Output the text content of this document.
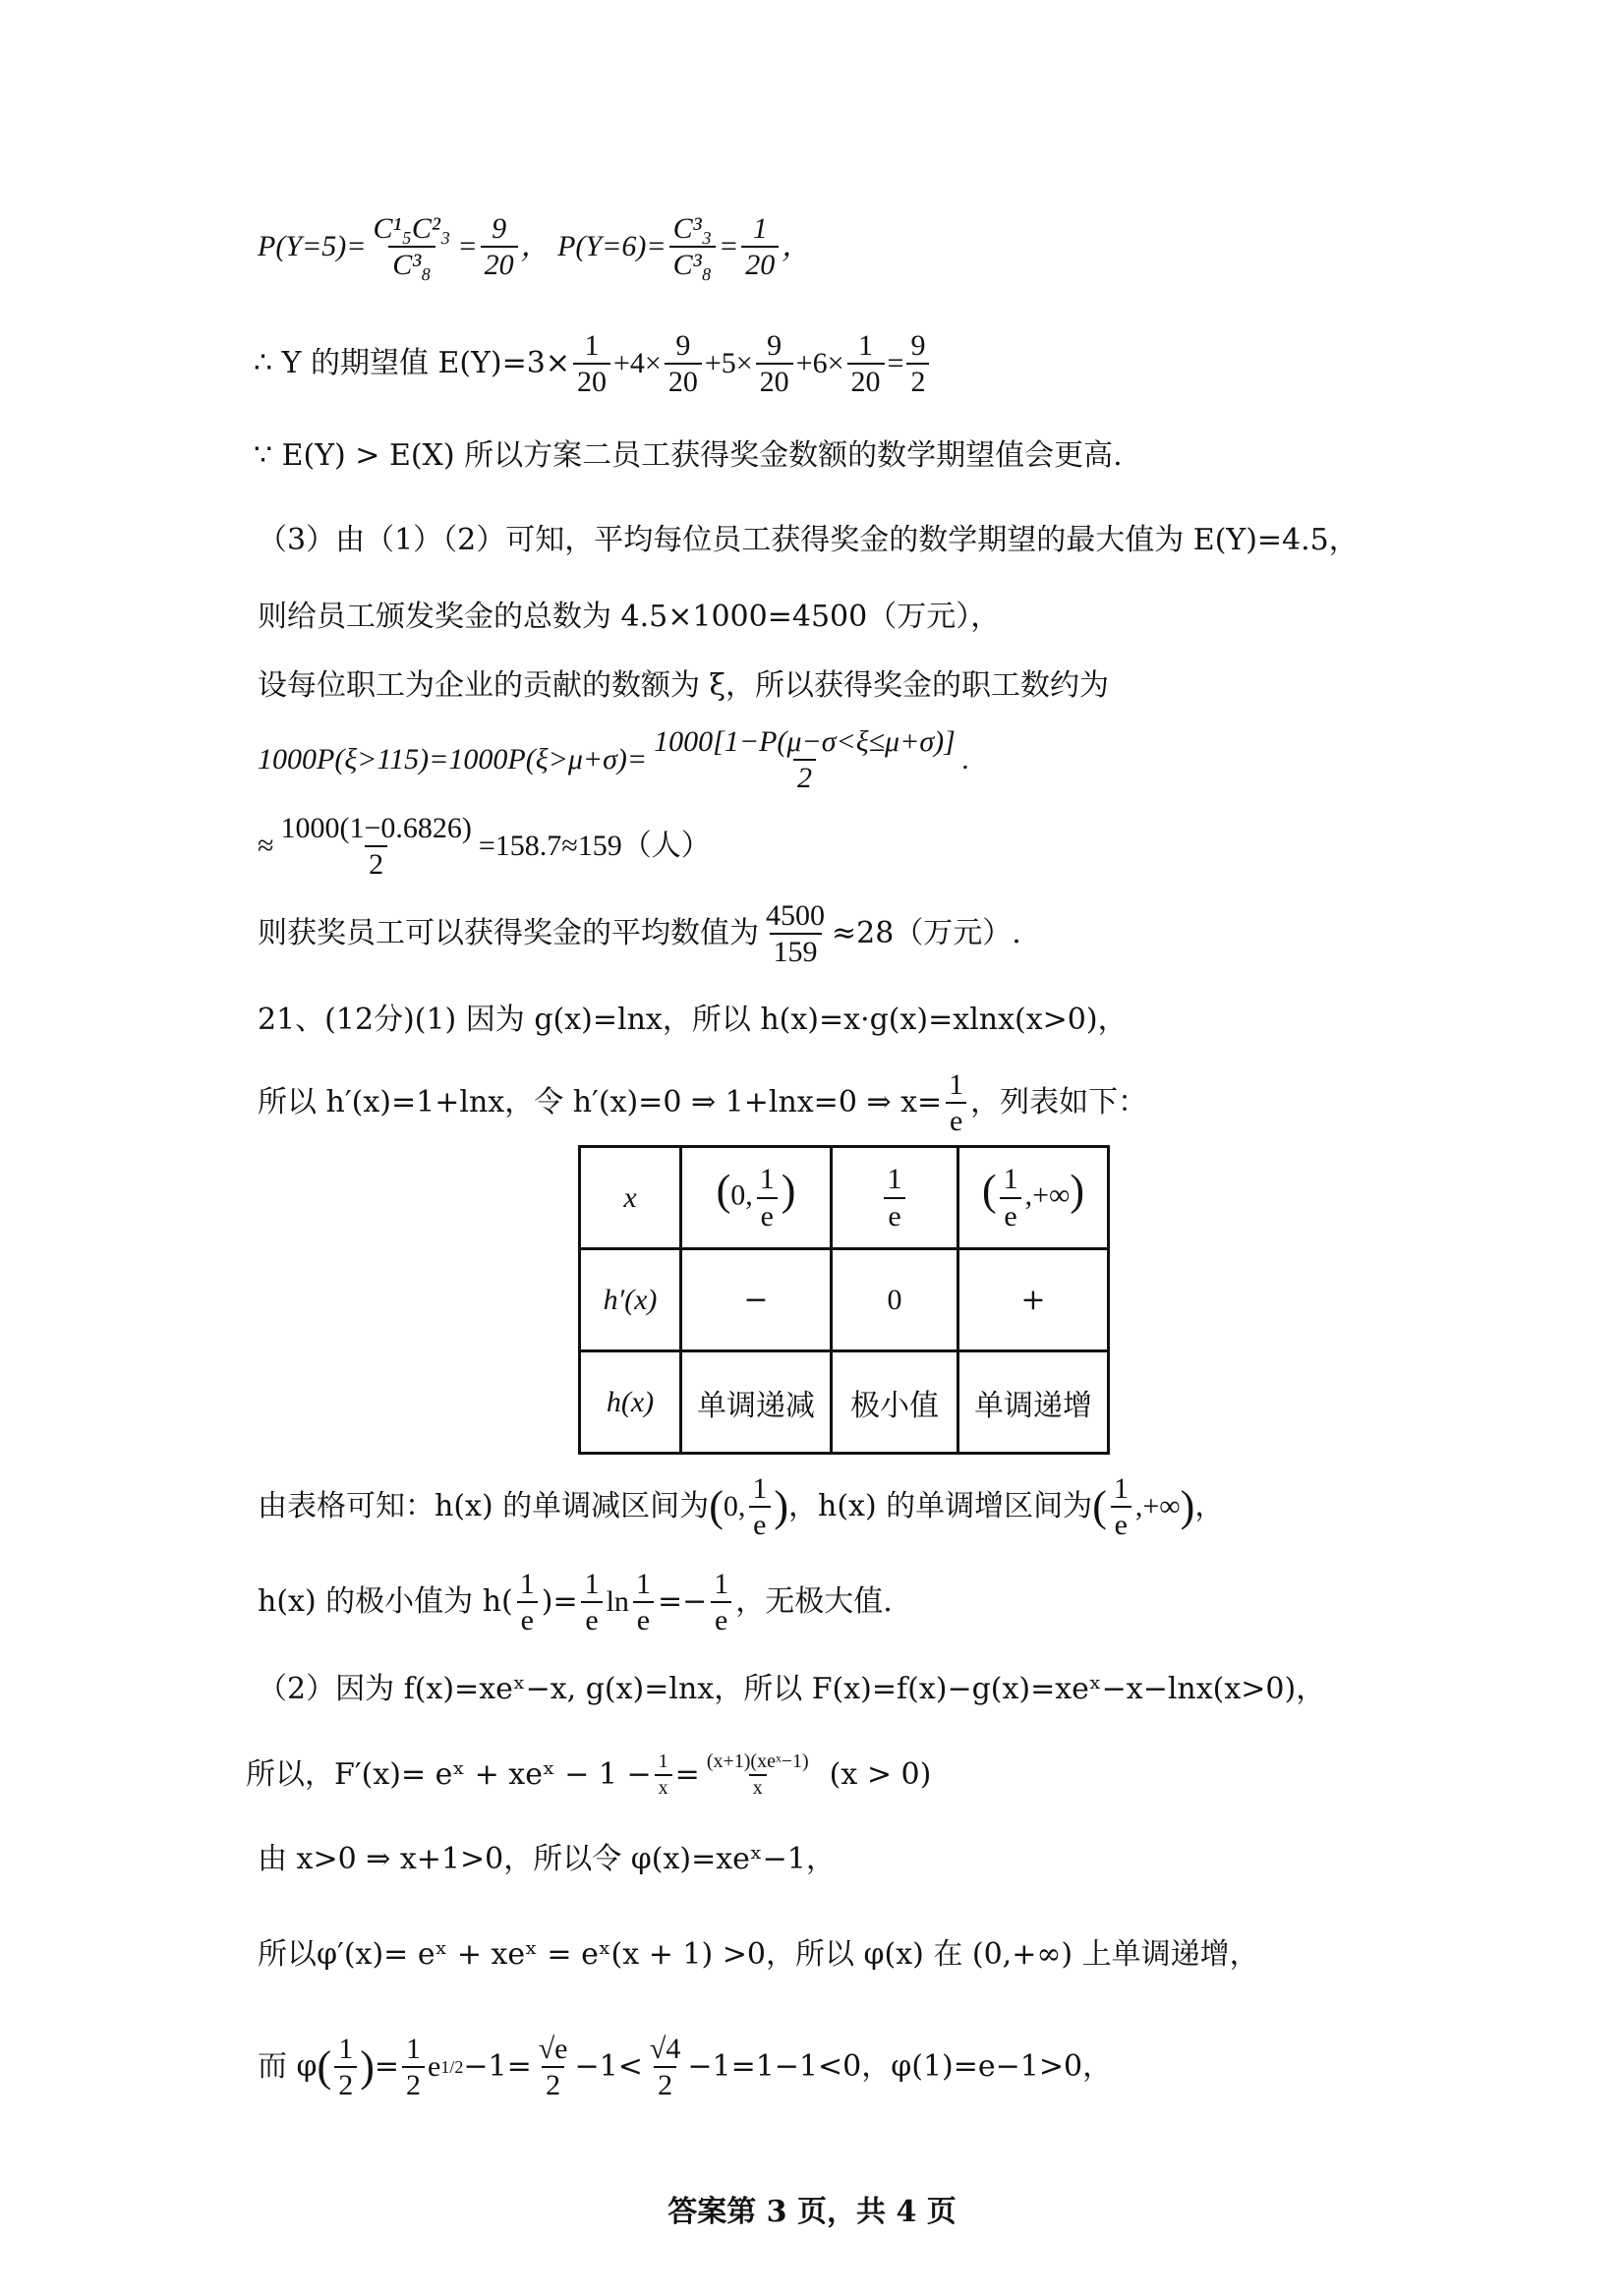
$P(Y=5)= \frac{\text{C¹₅C²₃}}{\text{C³₈}} = \frac{9}{20}$ ， $P(Y=6)= \frac{\text{C³₃}}{\text{C³₈}} = \frac{1}{20}$ ，
∴ Y 的期望值 $E(Y)=3\times \frac{1}{20} +4\times \frac{9}{20} +5\times \frac{9}{20} +6\times \frac{1}{20} = \frac{9}{2}$
∵ E(Y) > E(X) 所以方案二员工获得奖金数额的数学期望值会更高.
（3）由（1）（2）可知，平均每位员工获得奖金的数学期望的最大值为 E(Y)=4.5，
则给员工颁发奖金的总数为 4.5×1000=4500（万元），
设每位职工为企业的贡献的数额为 ξ，所以获得奖金的职工数约为
$1000P(\xi>115)=1000P(\xi>\mu+\sigma)= \frac{1000[1-P(\mu-\sigma<\xi\le\mu+\sigma)]}{2}$ .
≈ $\frac{1000(1-0.6826)}{2} =158.7\approx 159$（人）
则获奖员工可以获得奖金的平均数值为 $\frac{4500}{159} \approx 28$（万元）.
21、(12分)(1) 因为 g(x)=lnx，所以 h(x)=x·g(x)=xlnx(x>0)，
所以 h′(x)=1+lnx，令 h′(x)=0 ⇒ 1+lnx=0 ⇒ $x= \frac{1}{e}$ ，列表如下：
x	(0, $\frac{1}{e}$ )	$\frac{1}{e}$	( $\frac{1}{e}$ ,+∞)
h′(x)	−	0	+
h(x)	单调递减	极小值	单调递增
由表格可知：h(x) 的单调减区间为 ( 0, $\frac{1}{e}$ ) ，h(x) 的单调增区间为 ( $\frac{1}{e}$ ,+∞ ) ，
h(x) 的极小值为 $h( \frac{1}{e}$ )= $\frac{1}{e}$ $\ln \frac{1}{e} =- \frac{1}{e}$ ，无极大值.
（2）因为 f(x)=xeˣ−x, g(x)=lnx，所以 F(x)=f(x)−g(x)=xeˣ−x−lnx(x>0)，
所以，F′(x)= eˣ + xeˣ − $1 - \frac{1}{x} = \frac{\text{(x+1)(xeˣ−1)}}{x} (x > 0)$
由 x>0 ⇒ x+1>0，所以令 φ(x)=xeˣ−1，
所以φ′(x)= eˣ + xeˣ = eˣ(x + 1) >0，所以 φ(x) 在 (0,+∞) 上单调递增，
而 φ ( $\frac{1}{2}$ ) = $\frac{1}{2}$ e $1/2 -1= \frac{√e}{2} -1< \frac{√4}{2} -1=1-1<0$，φ(1)=e−1>0，
答案第 3 页，共 4 页
